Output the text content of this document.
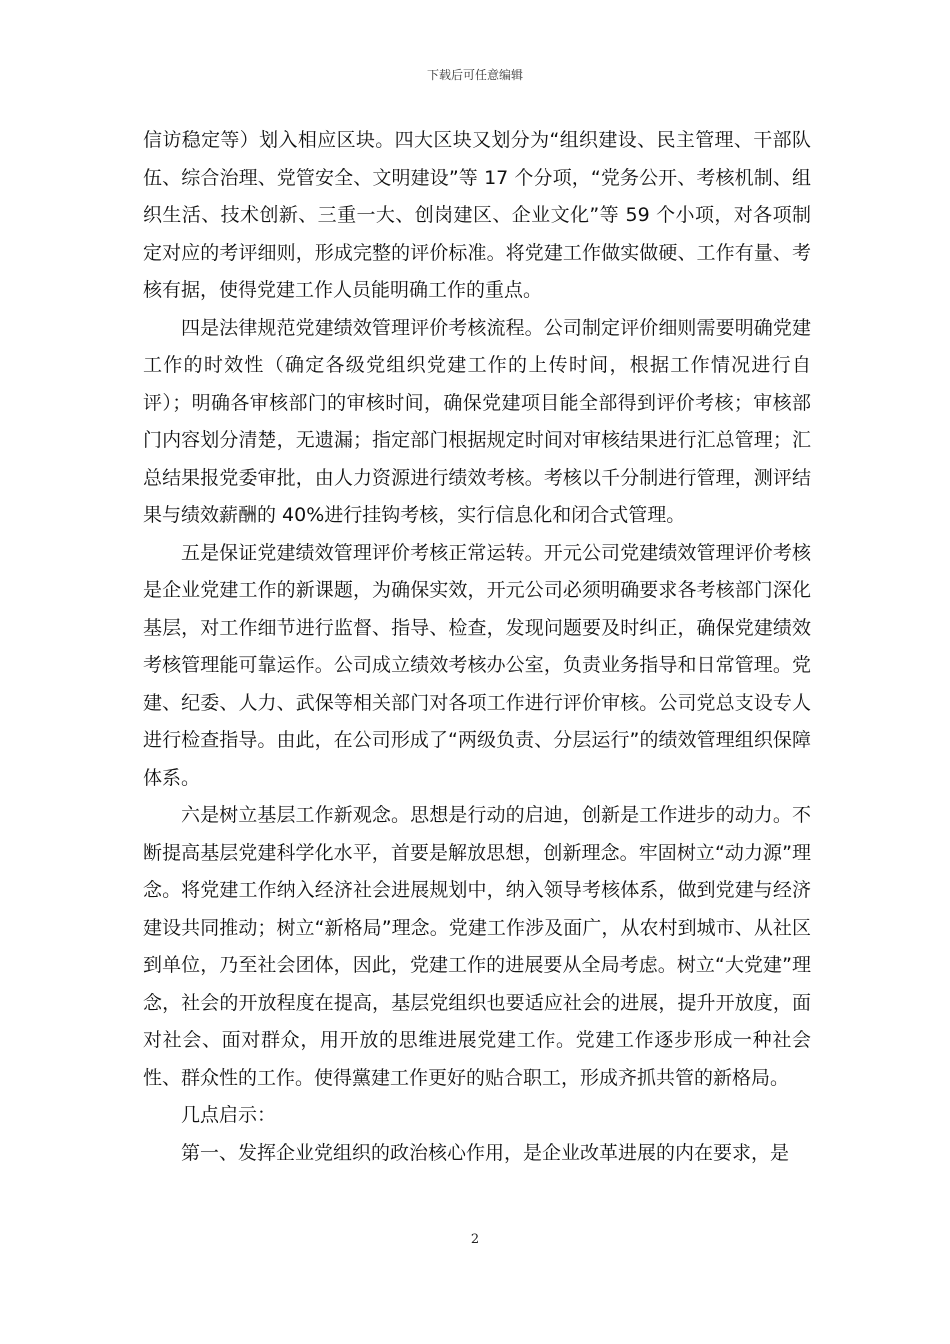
下载后可任意编辑

信访稳定等）划入相应区块。四大区块又划分为“组织建设、民主管理、干部队伍、综合治理、党管安全、文明建设”等 17 个分项，“党务公开、考核机制、组织生活、技术创新、三重一大、创岗建区、企业文化”等 59 个小项，对各项制定对应的考评细则，形成完整的评价标准。将党建工作做实做硬、工作有量、考核有据，使得党建工作人员能明确工作的重点。

四是法律规范党建绩效管理评价考核流程。公司制定评价细则需要明确党建工作的时效性（确定各级党组织党建工作的上传时间，根据工作情况进行自评）；明确各审核部门的审核时间，确保党建项目能全部得到评价考核；审核部门内容划分清楚，无遗漏；指定部门根据规定时间对审核结果进行汇总管理；汇总结果报党委审批，由人力资源进行绩效考核。考核以千分制进行管理，测评结果与绩效薪酬的 40%进行挂钩考核，实行信息化和闭合式管理。

五是保证党建绩效管理评价考核正常运转。开元公司党建绩效管理评价考核是企业党建工作的新课题，为确保实效，开元公司必须明确要求各考核部门深化基层，对工作细节进行监督、指导、检查，发现问题要及时纠正，确保党建绩效考核管理能可靠运作。公司成立绩效考核办公室，负责业务指导和日常管理。党建、纪委、人力、武保等相关部门对各项工作进行评价审核。公司党总支设专人进行检查指导。由此，在公司形成了“两级负责、分层运行”的绩效管理组织保障体系。

六是树立基层工作新观念。思想是行动的启迪，创新是工作进步的动力。不断提高基层党建科学化水平，首要是解放思想，创新理念。牢固树立“动力源”理念。将党建工作纳入经济社会进展规划中，纳入领导考核体系，做到党建与经济建设共同推动；树立“新格局”理念。党建工作涉及面广，从农村到城市、从社区到单位，乃至社会团体，因此，党建工作的进展要从全局考虑。树立“大党建”理念，社会的开放程度在提高，基层党组织也要适应社会的进展，提升开放度，面对社会、面对群众，用开放的思维进展党建工作。党建工作逐步形成一种社会性、群众性的工作。使得黨建工作更好的贴合职工，形成齐抓共管的新格局。

几点启示：

第一、发挥企业党组织的政治核心作用，是企业改革进展的内在要求，是

2
